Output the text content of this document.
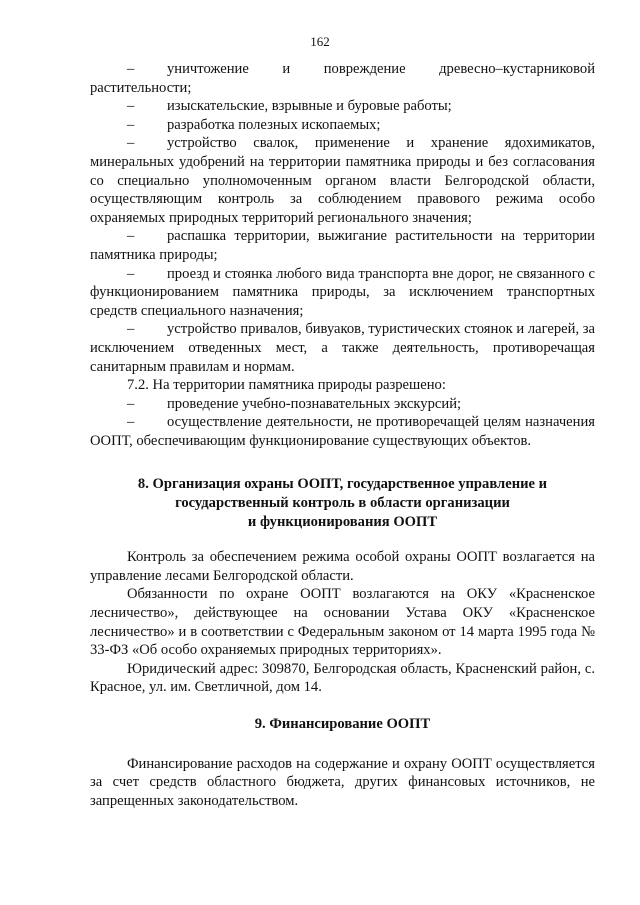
162

– уничтожение и повреждение древесно–кустарниковой растительности;

– изыскательские, взрывные и буровые работы;

– разработка полезных ископаемых;

– устройство свалок, применение и хранение ядохимикатов, минеральных удобрений на территории памятника природы и без согласования со специально уполномоченным органом власти Белгородской области, осуществляющим контроль за соблюдением правового режима особо охраняемых природных территорий регионального значения;

– распашка территории, выжигание растительности на территории памятника природы;

– проезд и стоянка любого вида транспорта вне дорог, не связанного с функционированием памятника природы, за исключением транспортных средств специального назначения;

– устройство привалов, бивуаков, туристических стоянок и лагерей, за исключением отведенных мест, а также деятельность, противоречащая санитарным правилам и нормам.

7.2. На территории памятника природы разрешено:

– проведение учебно-познавательных экскурсий;

– осуществление деятельности, не противоречащей целям назначения ООПТ, обеспечивающим функционирование существующих объектов.

8. Организация охраны ООПТ, государственное управление и

государственный контроль в области организации

и функционирования ООПТ

Контроль за обеспечением режима особой охраны ООПТ возлагается на управление лесами Белгородской области.

Обязанности по охране ООПТ возлагаются на ОКУ «Красненское лесничество», действующее на основании Устава ОКУ «Красненское лесничество» и в соответствии с Федеральным законом от 14 марта 1995 года № 33-ФЗ «Об особо охраняемых природных территориях».

Юридический адрес: 309870, Белгородская область, Красненский район, с. Красное, ул. им. Светличной, дом 14.

9. Финансирование ООПТ

Финансирование расходов на содержание и охрану ООПТ осуществляется за счет средств областного бюджета, других финансовых источников, не запрещенных законодательством.
